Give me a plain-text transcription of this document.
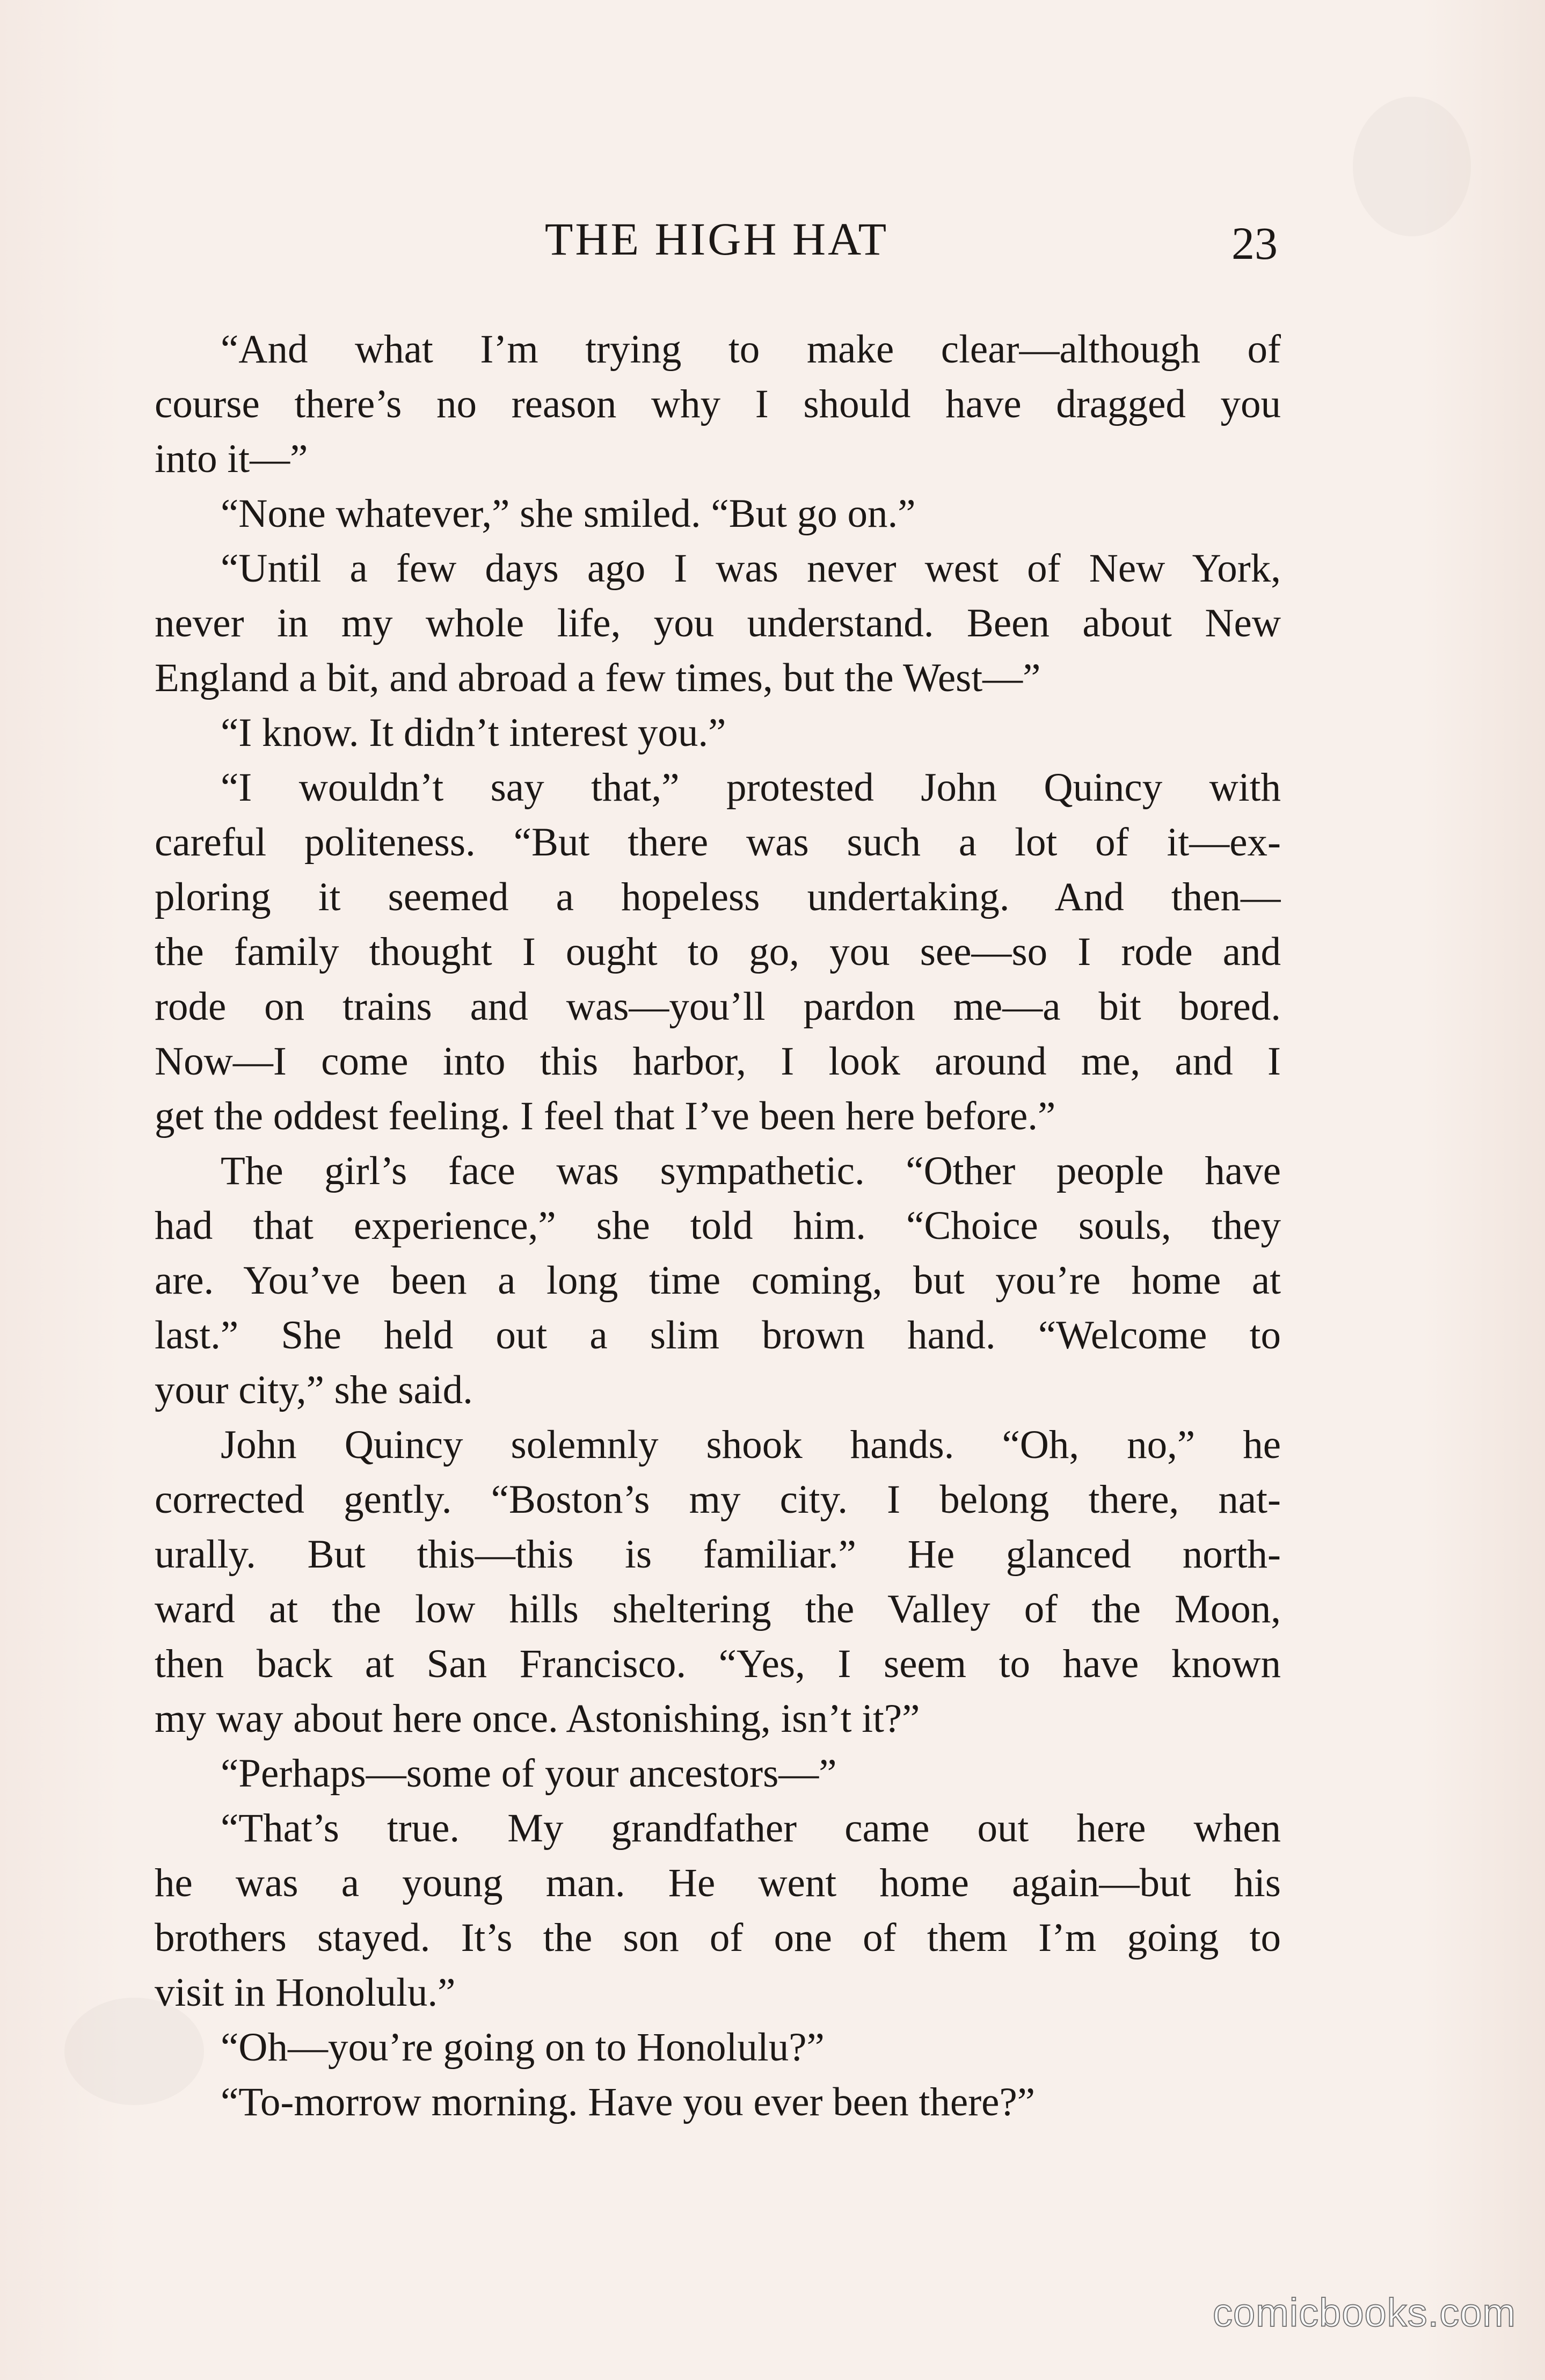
THE HIGH HAT	23
“And what I’m trying to make clear—although of
course there’s no reason why I should have dragged you
into it—”
“None whatever,” she smiled. “But go on.”
“Until a few days ago I was never west of New York,
never in my whole life, you understand. Been about New
England a bit, and abroad a few times, but the West—”
“I know. It didn’t interest you.”
“I wouldn’t say that,” protested John Quincy with
careful politeness. “But there was such a lot of it—ex-
ploring it seemed a hopeless undertaking. And then—
the family thought I ought to go, you see—so I rode and
rode on trains and was—you’ll pardon me—a bit bored.
Now—I come into this harbor, I look around me, and I
get the oddest feeling. I feel that I’ve been here before.”
The girl’s face was sympathetic. “Other people have
had that experience,” she told him. “Choice souls, they
are. You’ve been a long time coming, but you’re home at
last.” She held out a slim brown hand. “Welcome to
your city,” she said.
John Quincy solemnly shook hands. “Oh, no,” he
corrected gently. “Boston’s my city. I belong there, nat-
urally. But this—this is familiar.” He glanced north-
ward at the low hills sheltering the Valley of the Moon,
then back at San Francisco. “Yes, I seem to have known
my way about here once. Astonishing, isn’t it?”
“Perhaps—some of your ancestors—”
“That’s true. My grandfather came out here when
he was a young man. He went home again—but his
brothers stayed. It’s the son of one of them I’m going to
visit in Honolulu.”
“Oh—you’re going on to Honolulu?”
“To-morrow morning. Have you ever been there?”
comicbooks.com
